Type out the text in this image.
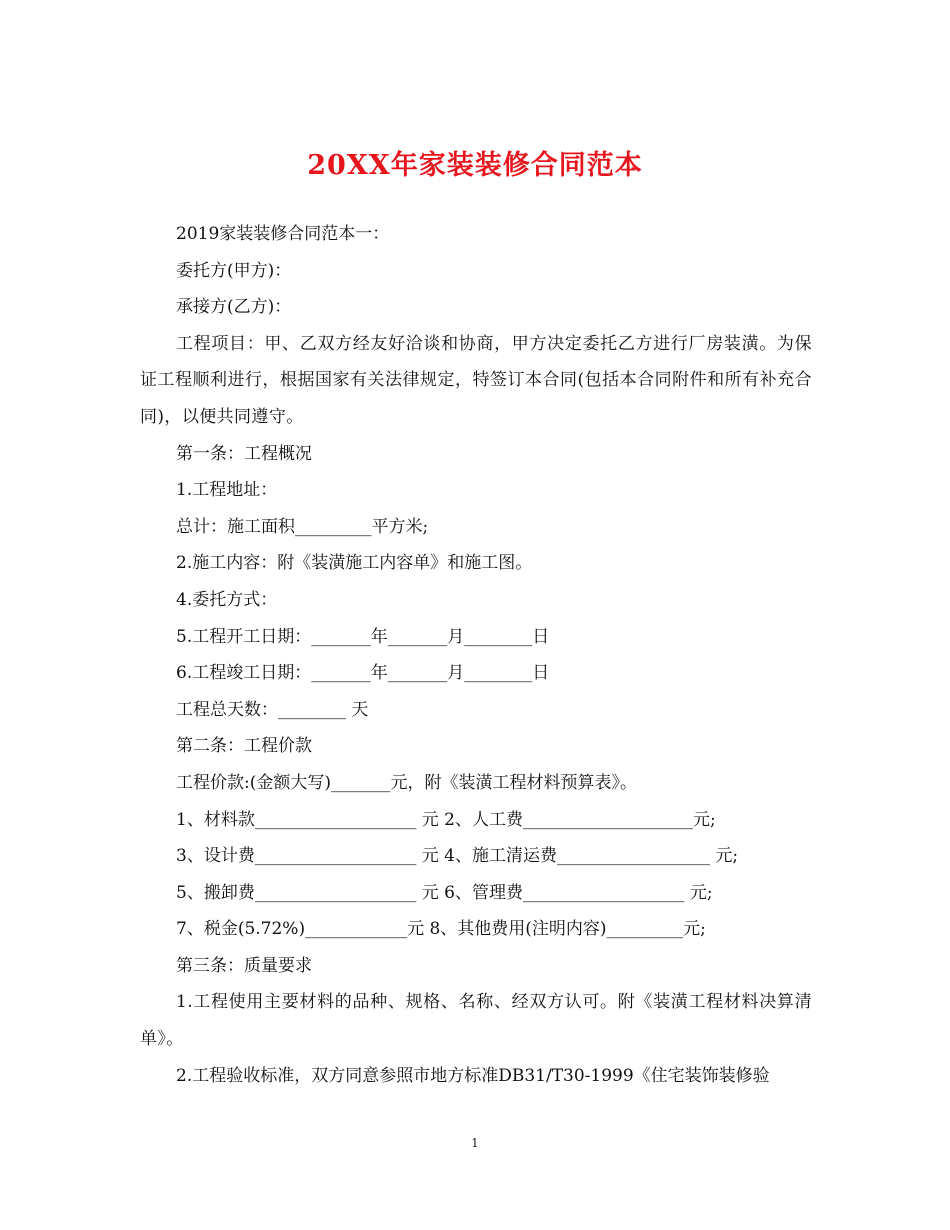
20XX年家装装修合同范本

2019家装装修合同范本一：

委托方(甲方)：

承接方(乙方)：

工程项目：甲、乙双方经友好洽谈和协商，甲方决定委托乙方进行厂房装潢。为保证工程顺利进行，根据国家有关法律规定，特签订本合同(包括本合同附件和所有补充合同)，以便共同遵守。

第一条：工程概况

1.工程地址：

总计：施工面积_________平方米;

2.施工内容：附《装潢施工内容单》和施工图。

4.委托方式：

5.工程开工日期：_______年_______月________日

6.工程竣工日期：_______年_______月________日

工程总天数：________ 天

第二条：工程价款

工程价款:(金额大写)_______元，附《装潢工程材料预算表》。

1、材料款___________________ 元 2、人工费____________________元;

3、设计费___________________ 元 4、施工清运费__________________ 元;

5、搬卸费___________________ 元 6、管理费___________________ 元;

7、税金(5.72%)____________元 8、其他费用(注明内容)_________元;

第三条：质量要求

1.工程使用主要材料的品种、规格、名称、经双方认可。附《装潢工程材料决算清单》。

2.工程验收标准，双方同意参照市地方标准DB31/T30-1999《住宅装饰装修验

1
